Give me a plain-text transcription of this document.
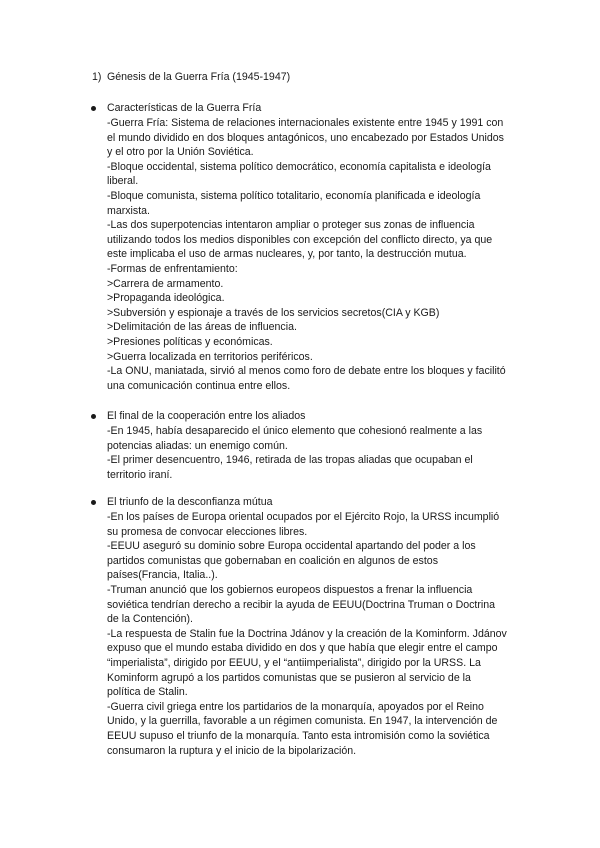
1) Génesis de la Guerra Fría (1945-1947)
Características de la Guerra Fría
-Guerra Fría: Sistema de relaciones internacionales existente entre 1945 y 1991 con
el mundo dividido en dos bloques antagónicos, uno encabezado por Estados Unidos
y el otro por la Unión Soviética.
-Bloque occidental, sistema político democrático, economía capitalista e ideología
liberal.
-Bloque comunista, sistema político totalitario, economía planificada e ideología
marxista.
-Las dos superpotencias intentaron ampliar o proteger sus zonas de influencia
utilizando todos los medios disponibles con excepción del conflicto directo, ya que
este implicaba el uso de armas nucleares, y, por tanto, la destrucción mutua.
-Formas de enfrentamiento:
>Carrera de armamento.
>Propaganda ideológica.
>Subversión y espionaje a través de los servicios secretos(CIA y KGB)
>Delimitación de las áreas de influencia.
>Presiones políticas y económicas.
>Guerra localizada en territorios periféricos.
-La ONU, maniatada, sirvió al menos como foro de debate entre los bloques y facilitó
una comunicación continua entre ellos.
El final de la cooperación entre los aliados
-En 1945, había desaparecido el único elemento que cohesionó realmente a las
potencias aliadas: un enemigo común.
-El primer desencuentro, 1946, retirada de las tropas aliadas que ocupaban el
territorio iraní.
El triunfo de la desconfianza mútua
-En los países de Europa oriental ocupados por el Ejército Rojo, la URSS incumplió
su promesa de convocar elecciones libres.
-EEUU aseguró su dominio sobre Europa occidental apartando del poder a los
partidos comunistas que gobernaban en coalición en algunos de estos
países(Francia, Italia..).
-Truman anunció que los gobiernos europeos dispuestos a frenar la influencia
soviética tendrían derecho a recibir la ayuda de EEUU(Doctrina Truman o Doctrina
de la Contención).
-La respuesta de Stalin fue la Doctrina Jdánov y la creación de la Kominform. Jdánov
expuso que el mundo estaba dividido en dos y que había que elegir entre el campo
“imperialista”, dirigido por EEUU, y el “antiimperialista”, dirigido por la URSS. La
Kominform agrupó a los partidos comunistas que se pusieron al servicio de la
política de Stalin.
-Guerra civil griega entre los partidarios de la monarquía, apoyados por el Reino
Unido, y la guerrilla, favorable a un régimen comunista. En 1947, la intervención de
EEUU supuso el triunfo de la monarquía. Tanto esta intromisión como la soviética
consumaron la ruptura y el inicio de la bipolarización.
